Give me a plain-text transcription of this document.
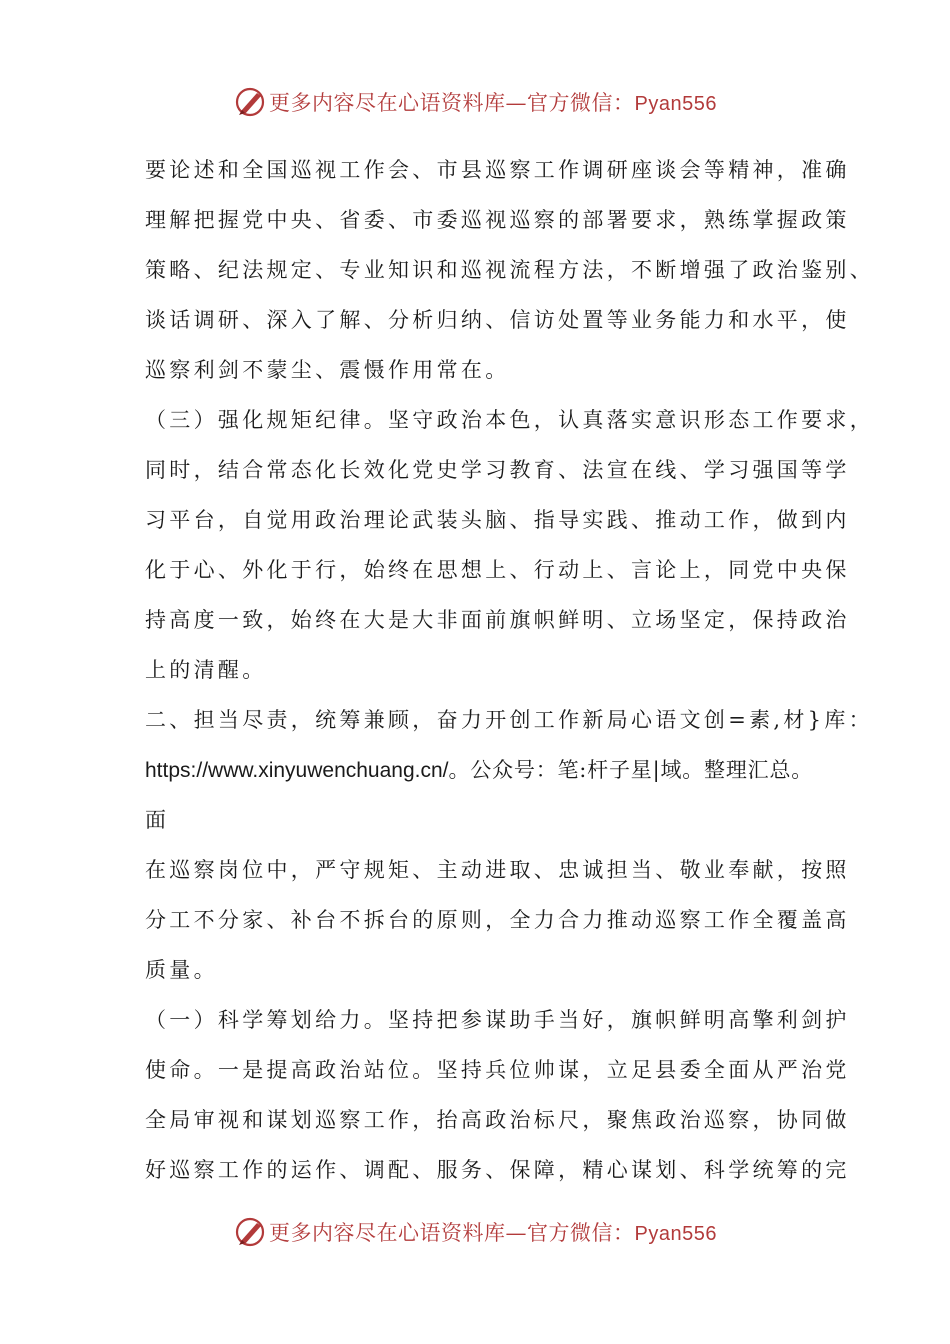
更多内容尽在心语资料库—官方微信：Pyan556
要论述和全国巡视工作会、市县巡察工作调研座谈会等精神，准确
理解把握党中央、省委、市委巡视巡察的部署要求，熟练掌握政策
策略、纪法规定、专业知识和巡视流程方法，不断增强了政治鉴别、
谈话调研、深入了解、分析归纳、信访处置等业务能力和水平，使
巡察利剑不蒙尘、震慑作用常在。
（三）强化规矩纪律。坚守政治本色，认真落实意识形态工作要求，
同时，结合常态化长效化党史学习教育、法宣在线、学习强国等学
习平台，自觉用政治理论武装头脑、指导实践、推动工作，做到内
化于心、外化于行，始终在思想上、行动上、言论上，同党中央保
持高度一致，始终在大是大非面前旗帜鲜明、立场坚定，保持政治
上的清醒。
二、担当尽责，统筹兼顾，奋力开创工作新局心语文创=素,材}库：
https://www.xinyuwenchuang.cn/。公众号：笔:杆子星|域。整理汇总。
面
在巡察岗位中，严守规矩、主动进取、忠诚担当、敬业奉献，按照
分工不分家、补台不拆台的原则，全力合力推动巡察工作全覆盖高
质量。
（一）科学筹划给力。坚持把参谋助手当好，旗帜鲜明高擎利剑护
使命。一是提高政治站位。坚持兵位帅谋，立足县委全面从严治党
全局审视和谋划巡察工作，抬高政治标尺，聚焦政治巡察，协同做
好巡察工作的运作、调配、服务、保障，精心谋划、科学统筹的完
更多内容尽在心语资料库—官方微信：Pyan556
